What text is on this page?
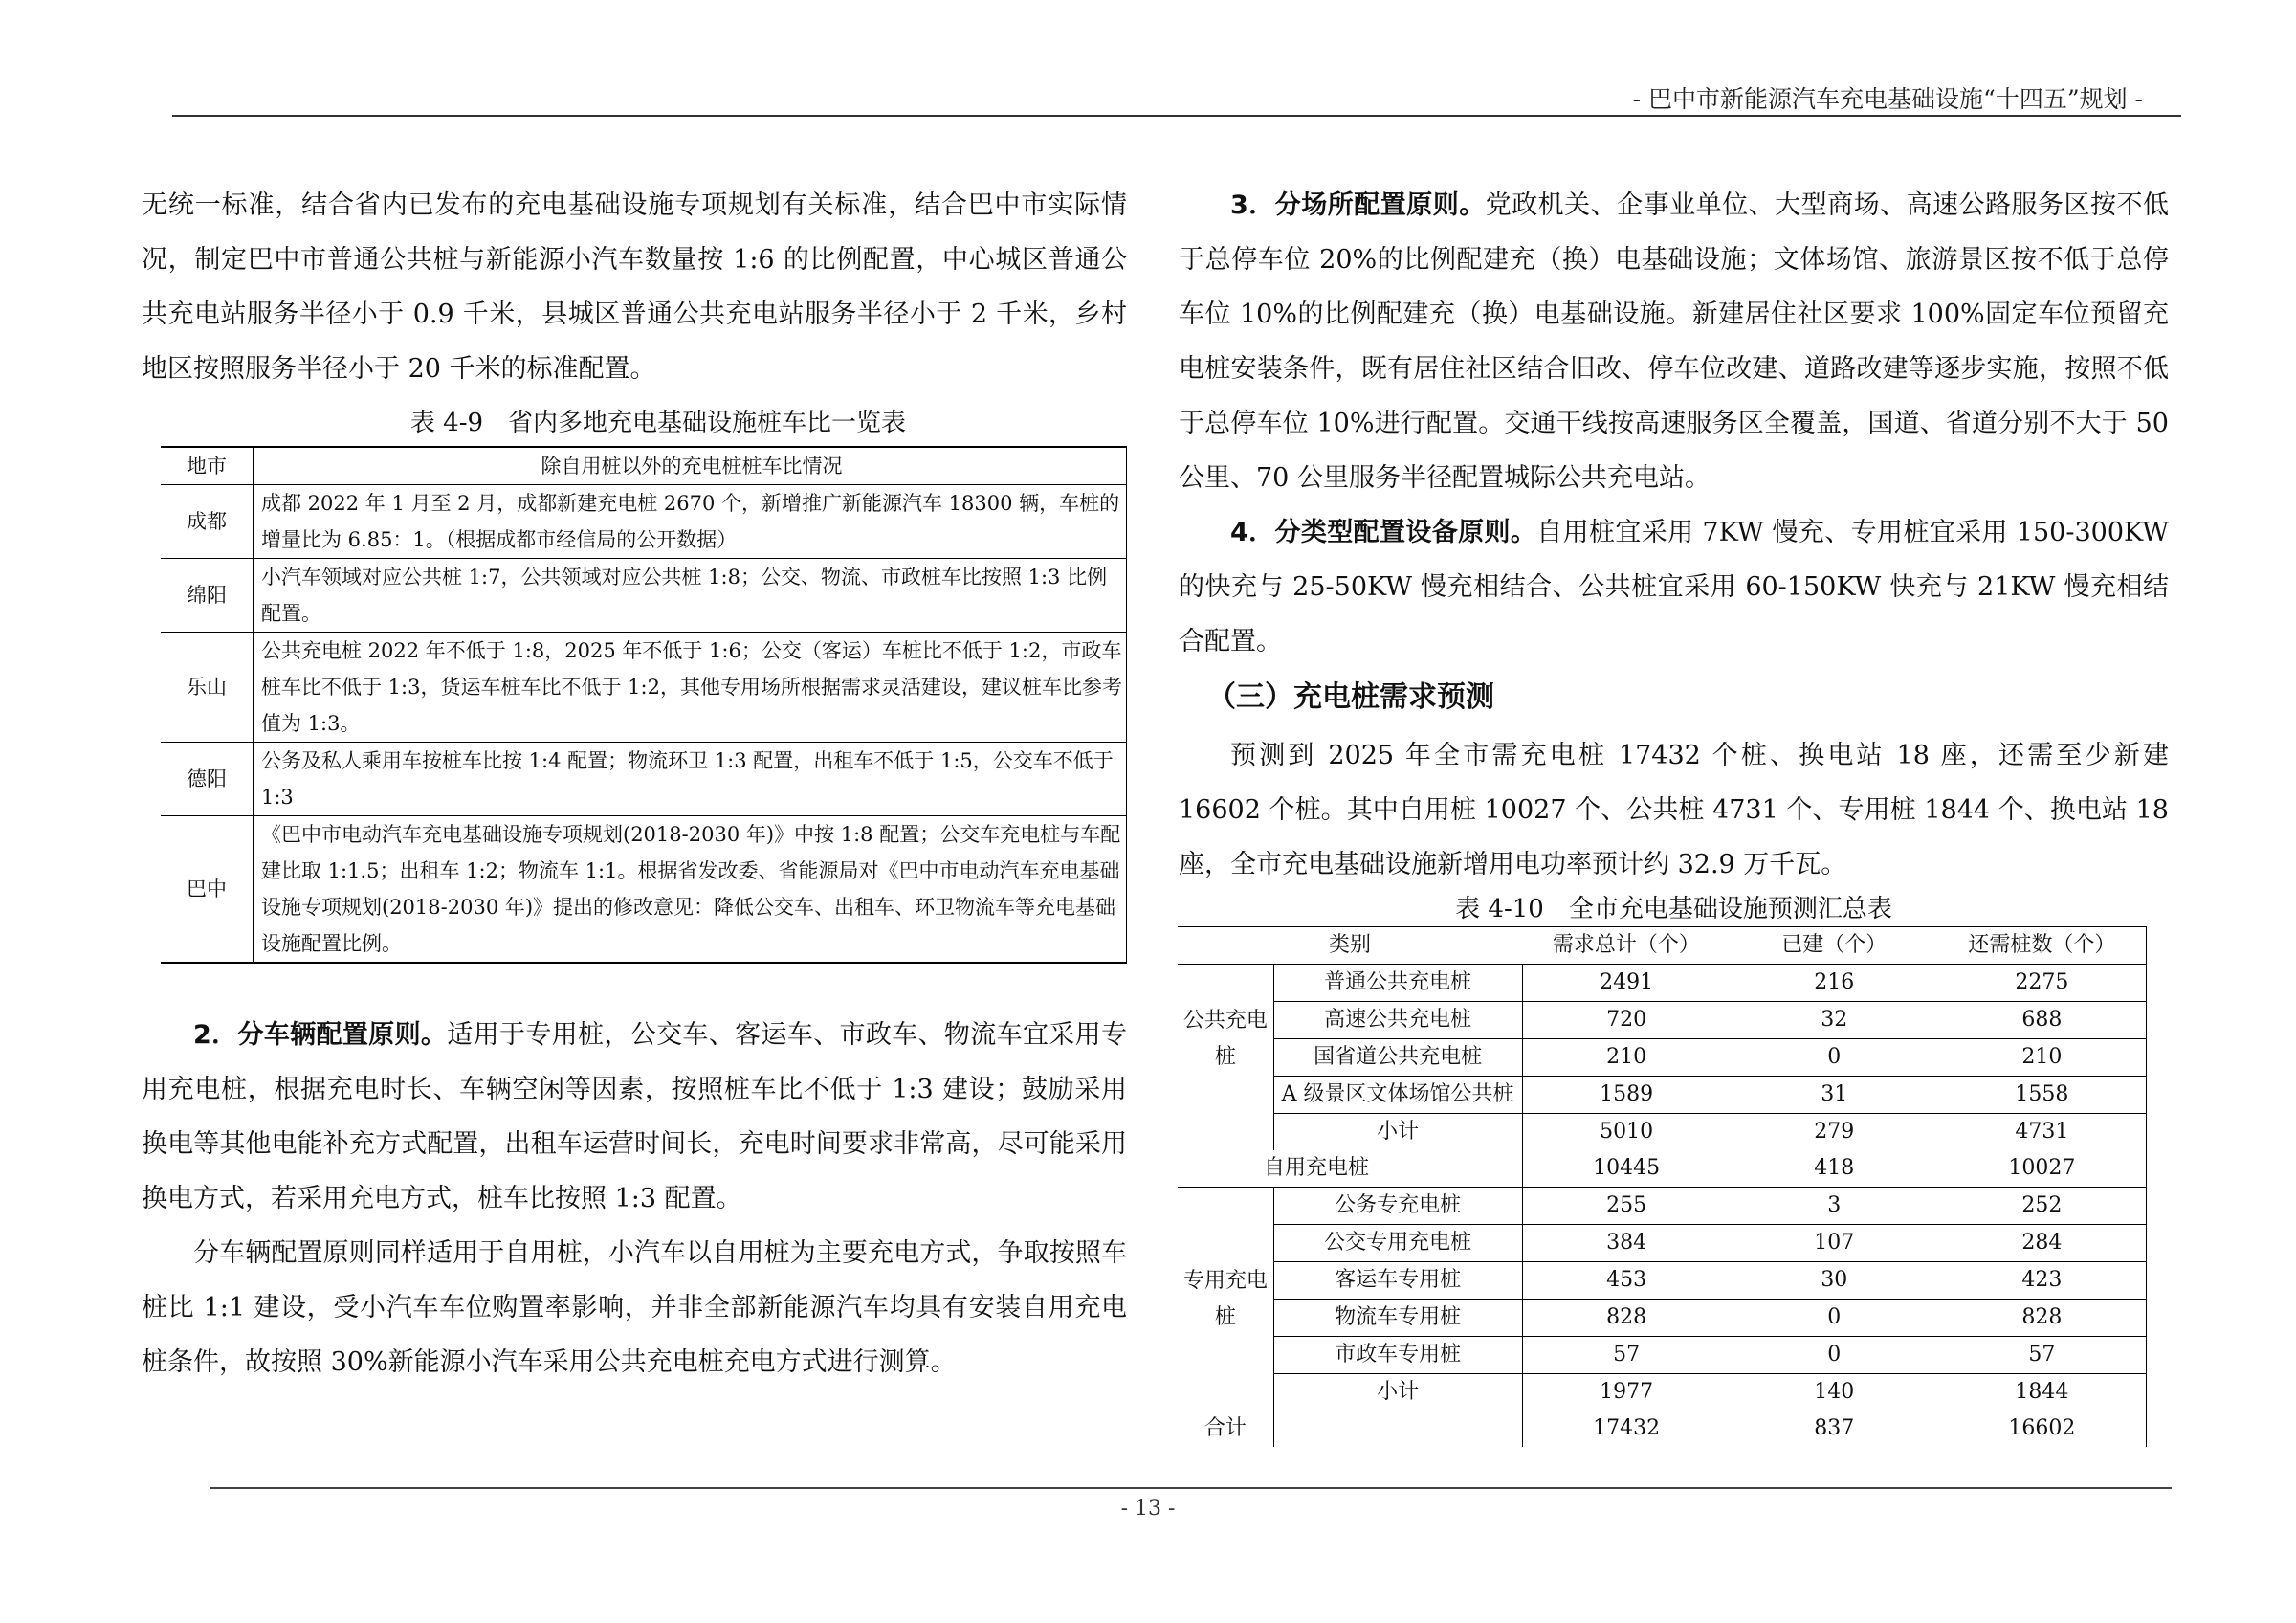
- 巴中市新能源汽车充电基础设施“十四五”规划 -

无统一标准，结合省内已发布的充电基础设施专项规划有关标准，结合巴中市实际情况，制定巴中市普通公共桩与新能源小汽车数量按 1:6 的比例配置，中心城区普通公共充电站服务半径小于 0.9 千米，县城区普通公共充电站服务半径小于 2 千米，乡村地区按照服务半径小于 20 千米的标准配置。

表 4-9　省内多地充电基础设施桩车比一览表

地市	除自用桩以外的充电桩桩车比情况
成都	成都 2022 年 1 月至 2 月，成都新建充电桩 2670 个，新增推广新能源汽车 18300 辆，车桩的增量比为 6.85：1。（根据成都市经信局的公开数据）
绵阳	小汽车领域对应公共桩 1:7，公共领域对应公共桩 1:8；公交、物流、市政桩车比按照 1:3 比例配置。
乐山	公共充电桩 2022 年不低于 1:8，2025 年不低于 1:6；公交（客运）车桩比不低于 1:2，市政车桩车比不低于 1:3，货运车桩车比不低于 1:2，其他专用场所根据需求灵活建设，建议桩车比参考值为 1:3。
德阳	公务及私人乘用车按桩车比按 1:4 配置；物流环卫 1:3 配置，出租车不低于 1:5，公交车不低于 1:3
巴中	《巴中市电动汽车充电基础设施专项规划(2018-2030 年)》中按 1:8 配置；公交车充电桩与车配建比取 1:1.5；出租车 1:2；物流车 1:1。根据省发改委、省能源局对《巴中市电动汽车充电基础设施专项规划(2018-2030 年)》提出的修改意见：降低公交车、出租车、环卫物流车等充电基础设施配置比例。

2．分车辆配置原则。适用于专用桩，公交车、客运车、市政车、物流车宜采用专用充电桩，根据充电时长、车辆空闲等因素，按照桩车比不低于 1:3 建设；鼓励采用换电等其他电能补充方式配置，出租车运营时间长，充电时间要求非常高，尽可能采用换电方式，若采用充电方式，桩车比按照 1:3 配置。

分车辆配置原则同样适用于自用桩，小汽车以自用桩为主要充电方式，争取按照车桩比 1:1 建设，受小汽车车位购置率影响，并非全部新能源汽车均具有安装自用充电桩条件，故按照 30%新能源小汽车采用公共充电桩充电方式进行测算。

3．分场所配置原则。党政机关、企事业单位、大型商场、高速公路服务区按不低于总停车位 20%的比例配建充（换）电基础设施；文体场馆、旅游景区按不低于总停车位 10%的比例配建充（换）电基础设施。新建居住社区要求 100%固定车位预留充电桩安装条件，既有居住社区结合旧改、停车位改建、道路改建等逐步实施，按照不低于总停车位 10%进行配置。交通干线按高速服务区全覆盖，国道、省道分别不大于 50 公里、70 公里服务半径配置城际公共充电站。

4．分类型配置设备原则。自用桩宜采用 7KW 慢充、专用桩宜采用 150-300KW 的快充与 25-50KW 慢充相结合、公共桩宜采用 60-150KW 快充与 21KW 慢充相结合配置。

（三）充电桩需求预测

预测到 2025 年全市需充电桩 17432 个桩、换电站 18 座，还需至少新建 16602 个桩。其中自用桩 10027 个、公共桩 4731 个、专用桩 1844 个、换电站 18 座，全市充电基础设施新增用电功率预计约 32.9 万千瓦。

表 4-10　全市充电基础设施预测汇总表

类别		需求总计（个）	已建（个）	还需桩数（个）
公共充电桩	普通公共充电桩	2491	216	2275
	高速公共充电桩	720	32	688
	国省道公共充电桩	210	0	210
	A 级景区文体场馆公共桩	1589	31	1558
	小计	5010	279	4731
自用充电桩		10445	418	10027
专用充电桩	公务专充电桩	255	3	252
	公交专用充电桩	384	107	284
	客运车专用桩	453	30	423
	物流车专用桩	828	0	828
	市政车专用桩	57	0	57
	小计	1977	140	1844
合计		17432	837	16602
- 13 -
